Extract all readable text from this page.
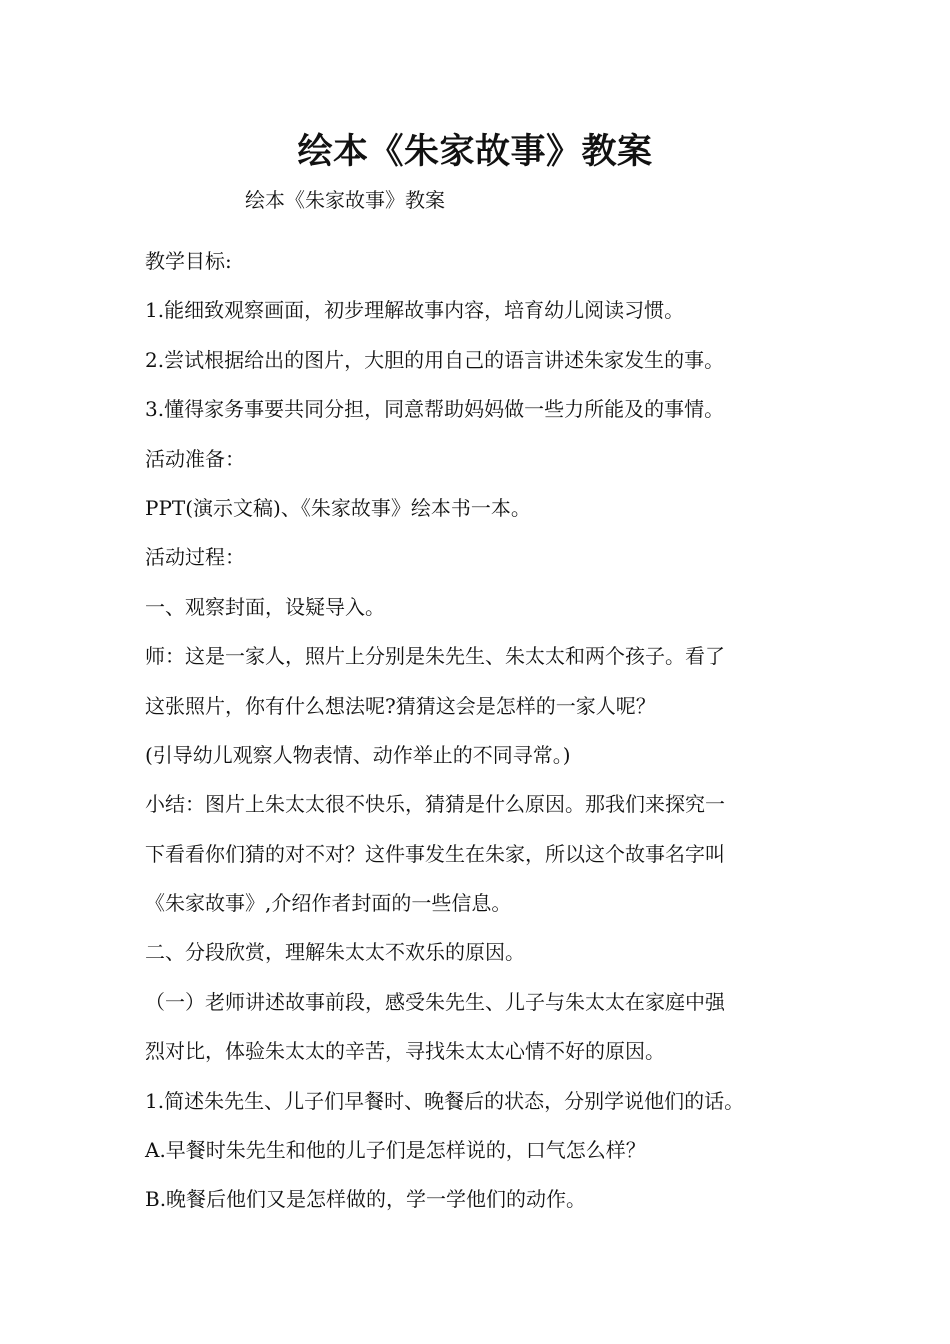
绘本《朱家故事》教案
绘本《朱家故事》教案
教学目标:
1.能细致观察画面，初步理解故事内容，培育幼儿阅读习惯。
2.尝试根据给出的图片，大胆的用自己的语言讲述朱家发生的事。
3.懂得家务事要共同分担，同意帮助妈妈做一些力所能及的事情。
活动准备：
PPT(演示文稿)、《朱家故事》绘本书一本。
活动过程：
一、观察封面，设疑导入。
师：这是一家人，照片上分别是朱先生、朱太太和两个孩子。看了
这张照片，你有什么想法呢?猜猜这会是怎样的一家人呢？
(引导幼儿观察人物表情、动作举止的不同寻常。)
小结：图片上朱太太很不快乐，猜猜是什么原因。那我们来探究一
下看看你们猜的对不对？这件事发生在朱家，所以这个故事名字叫
《朱家故事》,介绍作者封面的一些信息。
二、分段欣赏，理解朱太太不欢乐的原因。
（一）老师讲述故事前段，感受朱先生、儿子与朱太太在家庭中强
烈对比，体验朱太太的辛苦，寻找朱太太心情不好的原因。
1.简述朱先生、儿子们早餐时、晚餐后的状态，分别学说他们的话。
A.早餐时朱先生和他的儿子们是怎样说的，口气怎么样？
B.晚餐后他们又是怎样做的，学一学他们的动作。
